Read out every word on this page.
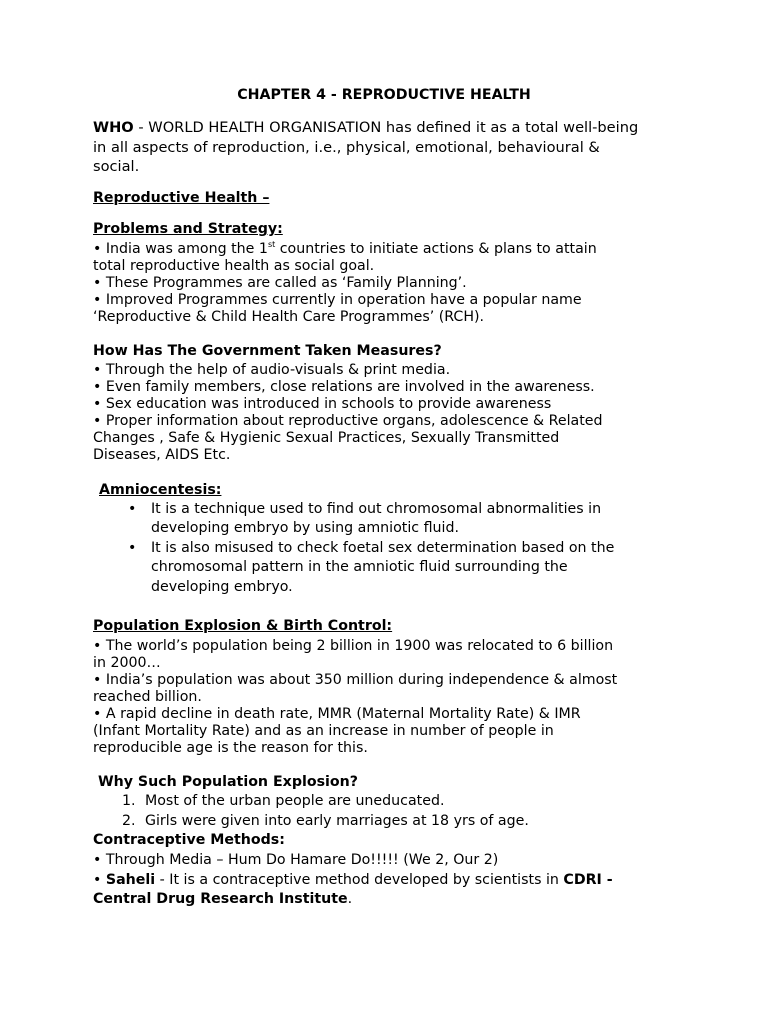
CHAPTER 4 - REPRODUCTIVE HEALTH
WHO - WORLD HEALTH ORGANISATION has defined it as a total well-being
in all aspects of reproduction, i.e., physical, emotional, behavioural &
social.
Reproductive Health –
Problems and Strategy:
• India was among the 1st countries to initiate actions & plans to attain
total reproductive health as social goal.
• These Programmes are called as ‘Family Planning’.
• Improved Programmes currently in operation have a popular name
‘Reproductive & Child Health Care Programmes’ (RCH).
How Has The Government Taken Measures?
• Through the help of audio-visuals & print media.
• Even family members, close relations are involved in the awareness.
• Sex education was introduced in schools to provide awareness
• Proper information about reproductive organs, adolescence & Related
Changes , Safe & Hygienic Sexual Practices, Sexually Transmitted
Diseases, AIDS Etc.
Amniocentesis:
• It is a technique used to find out chromosomal abnormalities in
developing embryo by using amniotic fluid.
• It is also misused to check foetal sex determination based on the
chromosomal pattern in the amniotic fluid surrounding the
developing embryo.
Population Explosion & Birth Control:
• The world’s population being 2 billion in 1900 was relocated to 6 billion
in 2000…
• India’s population was about 350 million during independence & almost
reached billion.
• A rapid decline in death rate, MMR (Maternal Mortality Rate) & IMR
(Infant Mortality Rate) and as an increase in number of people in
reproducible age is the reason for this.
Why Such Population Explosion?
1. Most of the urban people are uneducated.
2. Girls were given into early marriages at 18 yrs of age.
Contraceptive Methods:
• Through Media – Hum Do Hamare Do!!!!! (We 2, Our 2)
• Saheli - It is a contraceptive method developed by scientists in CDRI -
Central Drug Research Institute.
